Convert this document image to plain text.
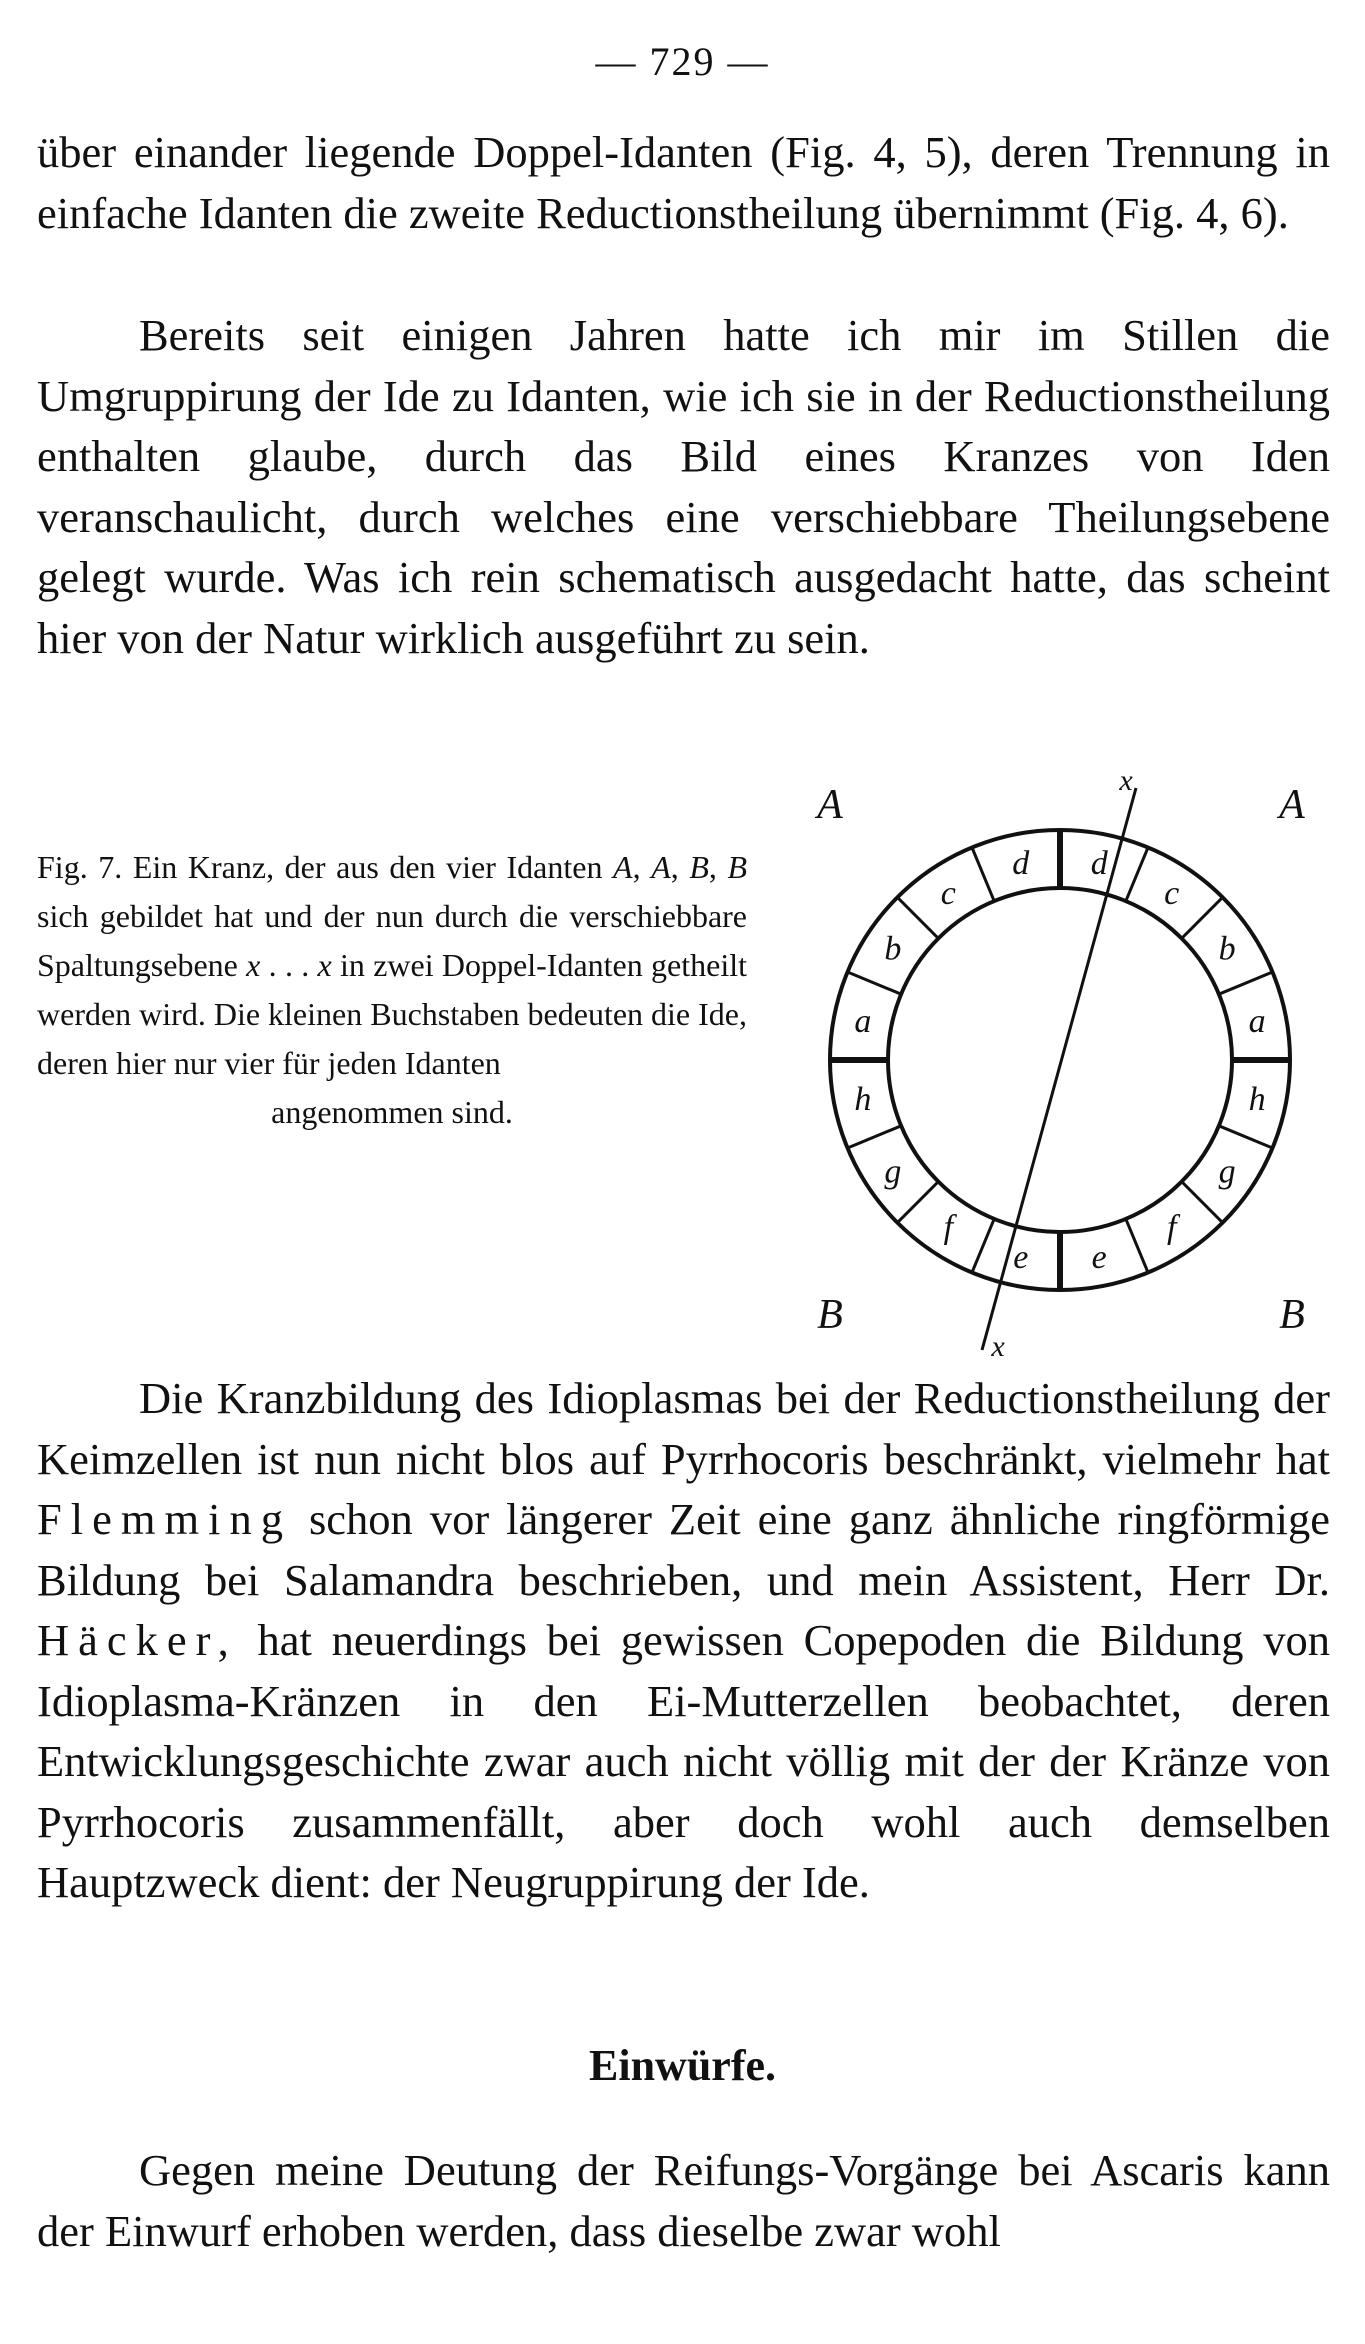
— 729 —

über einander liegende Doppel-Idanten (Fig. 4, 5), deren Trennung in einfache Idanten die zweite Reductionstheilung übernimmt (Fig. 4, 6).

Bereits seit einigen Jahren hatte ich mir im Stillen die Umgruppirung der Ide zu Idanten, wie ich sie in der Reductionstheilung enthalten glaube, durch das Bild eines Kranzes von Iden veranschaulicht, durch welches eine verschiebbare Theilungsebene gelegt wurde. Was ich rein schematisch ausgedacht hatte, das scheint hier von der Natur wirklich ausgeführt zu sein.

Fig. 7. Ein Kranz, der aus den vier Idanten A, A, B, B sich gebildet hat und der nun durch die verschiebbare Spaltungsebene x . . . x in zwei Doppel-Idanten getheilt werden wird. Die kleinen Buchstaben bedeuten die Ide, deren hier nur vier für jeden Idanten
angenommen sind.

d
c
b
a
h
g
f
e
d
c
b
a
h
g
f
e
A	A
B	B
x
x

Die Kranzbildung des Idioplasmas bei der Reductionstheilung der Keimzellen ist nun nicht blos auf Pyrrhocoris beschränkt, vielmehr hat Flemming schon vor längerer Zeit eine ganz ähnliche ringförmige Bildung bei Salamandra beschrieben, und mein Assistent, Herr Dr. Häcker, hat neuerdings bei gewissen Copepoden die Bildung von Idioplasma-Kränzen in den Ei-Mutterzellen beobachtet, deren Entwicklungsgeschichte zwar auch nicht völlig mit der der Kränze von Pyrrhocoris zusammenfällt, aber doch wohl auch demselben Hauptzweck dient: der Neugruppirung der Ide.

Einwürfe.

Gegen meine Deutung der Reifungs-Vorgänge bei Ascaris kann der Einwurf erhoben werden, dass dieselbe zwar wohl
